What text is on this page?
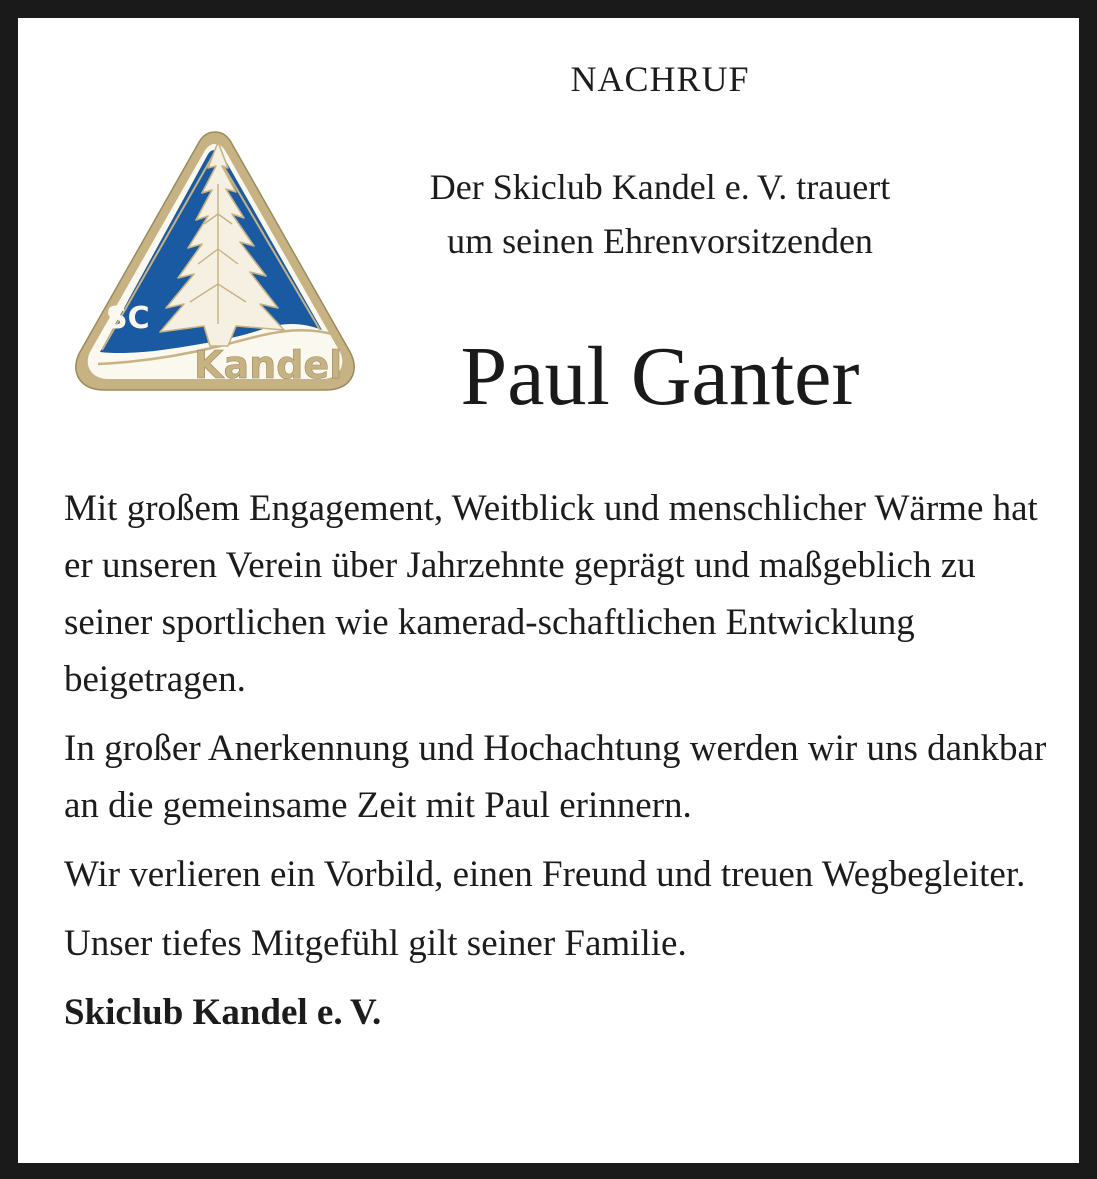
NACHRUF
SC
Kandel
Der Skiclub Kandel e. V. trauert
um seinen Ehrenvorsitzenden
Paul Ganter

Mit großem Engagement, Weitblick und menschlicher Wärme hat er unseren Verein über Jahrzehnte geprägt und maßgeblich zu seiner sportlichen wie kamerad-schaftlichen Entwicklung beigetragen.

In großer Anerkennung und Hochachtung werden wir uns dankbar an die gemeinsame Zeit mit Paul erinnern.

Wir verlieren ein Vorbild, einen Freund und treuen Wegbegleiter.

Unser tiefes Mitgefühl gilt seiner Familie.

Skiclub Kandel e. V.
